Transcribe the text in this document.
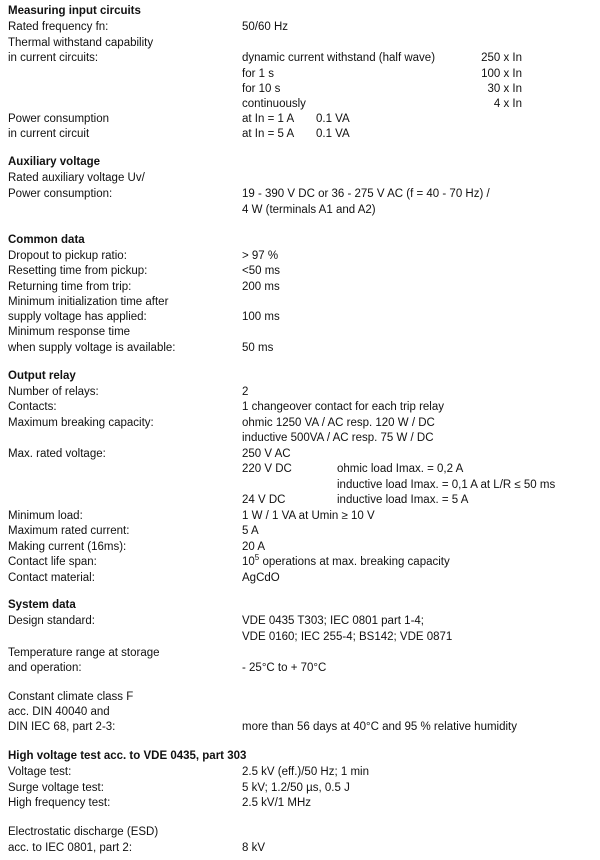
Measuring input circuits
Rated frequency fn:	50/60 Hz
Thermal withstand capability
in current circuits:	dynamic current withstand (half wave)	250 x In
for 1 s	100 x In
for 10 s	30 x In
continuously	4 x In
Power consumption	at In = 1 A 0.1 VA
in current circuit	at In = 5 A 0.1 VA
Auxiliary voltage
Rated auxiliary voltage Uv/
Power consumption:	19 - 390 V DC or 36 - 275 V AC (f = 40 - 70 Hz) /
4 W (terminals A1 and A2)
Common data
Dropout to pickup ratio:	> 97 %
Resetting time from pickup:	<50 ms
Returning time from trip:	200 ms
Minimum initialization time after
supply voltage has applied:	100 ms
Minimum response time
when supply voltage is available:	50 ms
Output relay
Number of relays:	2
Contacts:	1 changeover contact for each trip relay
Maximum breaking capacity:	ohmic 1250 VA / AC resp. 120 W / DC
inductive 500VA / AC resp. 75 W / DC
Max. rated voltage:	250 V AC
220 V DC	ohmic load Imax. = 0,2 A
inductive load Imax. = 0,1 A at L/R ≤ 50 ms
24 V DC	inductive load Imax. = 5 A
Minimum load:	1 W / 1 VA at Umin ≥ 10 V
Maximum rated current:	5 A
Making current (16ms):	20 A
Contact life span:	$10^5$ operations at max. breaking capacity
Contact material:	AgCdO
System data
Design standard:	VDE 0435 T303; IEC 0801 part 1-4;
VDE 0160; IEC 255-4; BS142; VDE 0871
Temperature range at storage
and operation:	- 25°C to + 70°C
Constant climate class F
acc. DIN 40040 and
DIN IEC 68, part 2-3:	more than 56 days at 40°C and 95 % relative humidity
High voltage test acc. to VDE 0435, part 303
Voltage test:	2.5 kV (eff.)/50 Hz; 1 min
Surge voltage test:	5 kV; 1.2/50 µs, 0.5 J
High frequency test:	2.5 kV/1 MHz
Electrostatic discharge (ESD)
acc. to IEC 0801, part 2:	8 kV
